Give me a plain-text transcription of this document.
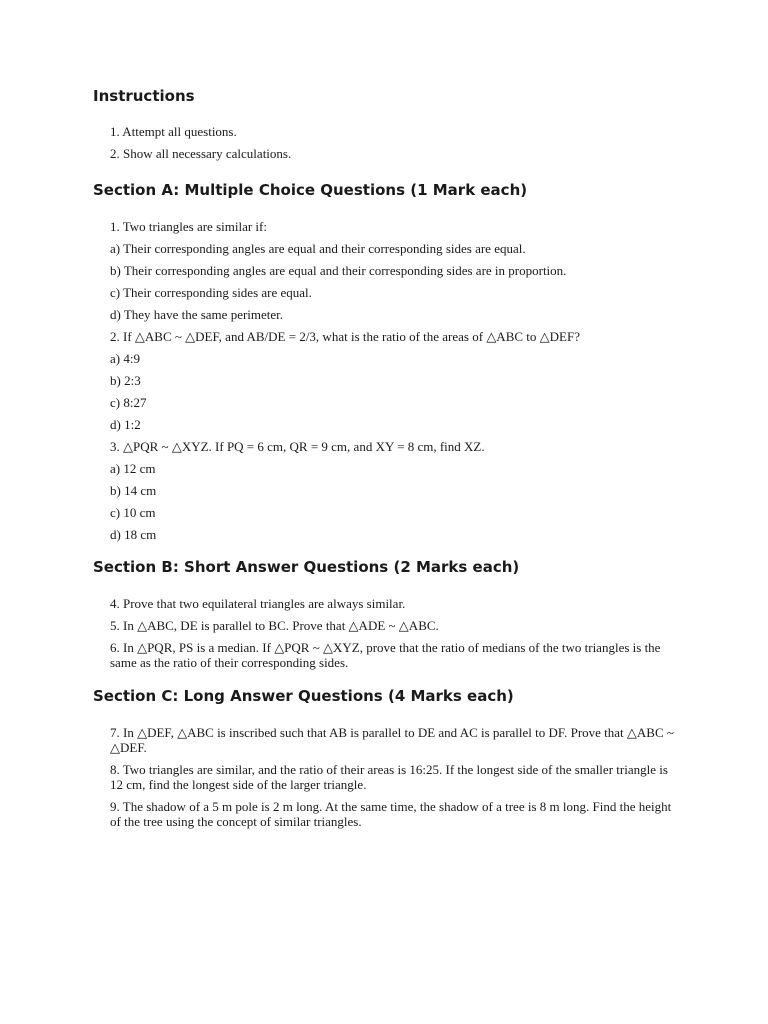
Instructions

1. Attempt all questions.

2. Show all necessary calculations.

Section A: Multiple Choice Questions (1 Mark each)

1. Two triangles are similar if:

a) Their corresponding angles are equal and their corresponding sides are equal.

b) Their corresponding angles are equal and their corresponding sides are in proportion.

c) Their corresponding sides are equal.

d) They have the same perimeter.

2. If △ABC ~ △DEF, and AB/DE = 2/3, what is the ratio of the areas of △ABC to △DEF?

a) 4:9

b) 2:3

c) 8:27

d) 1:2

3. △PQR ~ △XYZ. If PQ = 6 cm, QR = 9 cm, and XY = 8 cm, find XZ.

a) 12 cm

b) 14 cm

c) 10 cm

d) 18 cm

Section B: Short Answer Questions (2 Marks each)

4. Prove that two equilateral triangles are always similar.

5. In △ABC, DE is parallel to BC. Prove that △ADE ~ △ABC.

6. In △PQR, PS is a median. If △PQR ~ △XYZ, prove that the ratio of medians of the two triangles is the same as the ratio of their corresponding sides.

Section C: Long Answer Questions (4 Marks each)

7. In △DEF, △ABC is inscribed such that AB is parallel to DE and AC is parallel to DF. Prove that △ABC ~ △DEF.

8. Two triangles are similar, and the ratio of their areas is 16:25. If the longest side of the smaller triangle is 12 cm, find the longest side of the larger triangle.

9. The shadow of a 5 m pole is 2 m long. At the same time, the shadow of a tree is 8 m long. Find the height of the tree using the concept of similar triangles.
